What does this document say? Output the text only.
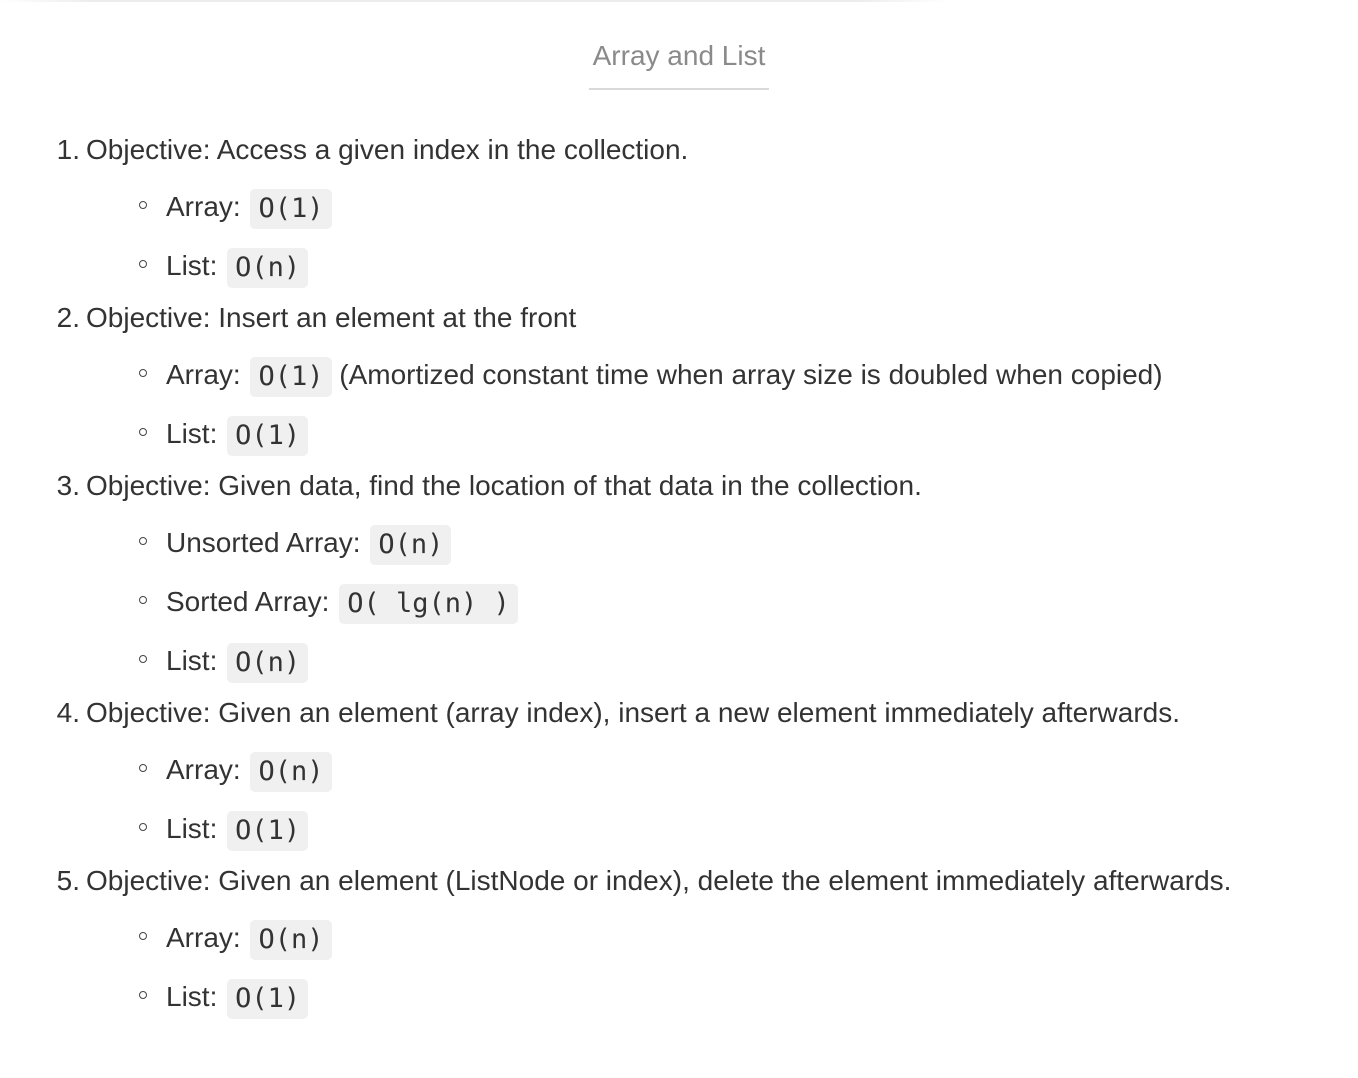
Array and List
1. Objective: Access a given index in the collection.
Array: O(1)
List: O(n)
2. Objective: Insert an element at the front
Array: O(1) (Amortized constant time when array size is doubled when copied)
List: O(1)
3. Objective: Given data, find the location of that data in the collection.
Unsorted Array: O(n)
Sorted Array: O( lg(n) )
List: O(n)
4. Objective: Given an element (array index), insert a new element immediately afterwards.
Array: O(n)
List: O(1)
5. Objective: Given an element (ListNode or index), delete the element immediately afterwards.
Array: O(n)
List: O(1)
